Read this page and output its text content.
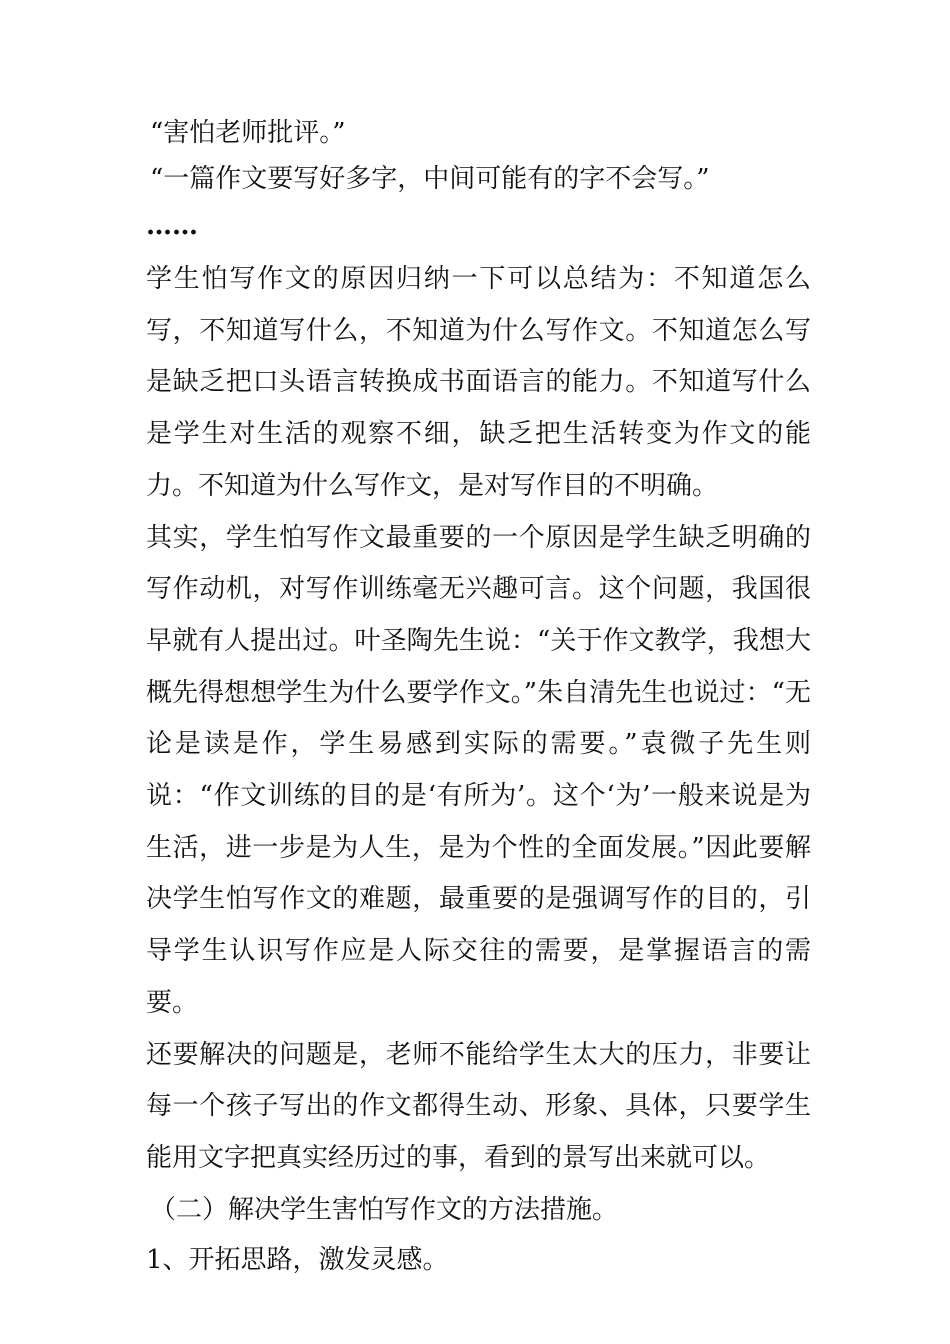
“害怕老师批评。”
“一篇作文要写好多字，中间可能有的字不会写。”
……

学生怕写作文的原因归纳一下可以总结为：不知道怎么写，不知道写什么，不知道为什么写作文。不知道怎么写是缺乏把口头语言转换成书面语言的能力。不知道写什么是学生对生活的观察不细，缺乏把生活转变为作文的能力。不知道为什么写作文，是对写作目的不明确。

其实，学生怕写作文最重要的一个原因是学生缺乏明确的写作动机，对写作训练毫无兴趣可言。这个问题，我国很早就有人提出过。叶圣陶先生说：“关于作文教学，我想大概先得想想学生为什么要学作文。”朱自清先生也说过：“无论是读是作，学生易感到实际的需要。”袁微子先生则说：“作文训练的目的是‘有所为’。这个‘为’一般来说是为生活，进一步是为人生，是为个性的全面发展。”因此要解决学生怕写作文的难题，最重要的是强调写作的目的，引导学生认识写作应是人际交往的需要，是掌握语言的需要。

还要解决的问题是，老师不能给学生太大的压力，非要让每一个孩子写出的作文都得生动、形象、具体，只要学生能用文字把真实经历过的事，看到的景写出来就可以。

（二）解决学生害怕写作文的方法措施。
1、开拓思路，激发灵感。
